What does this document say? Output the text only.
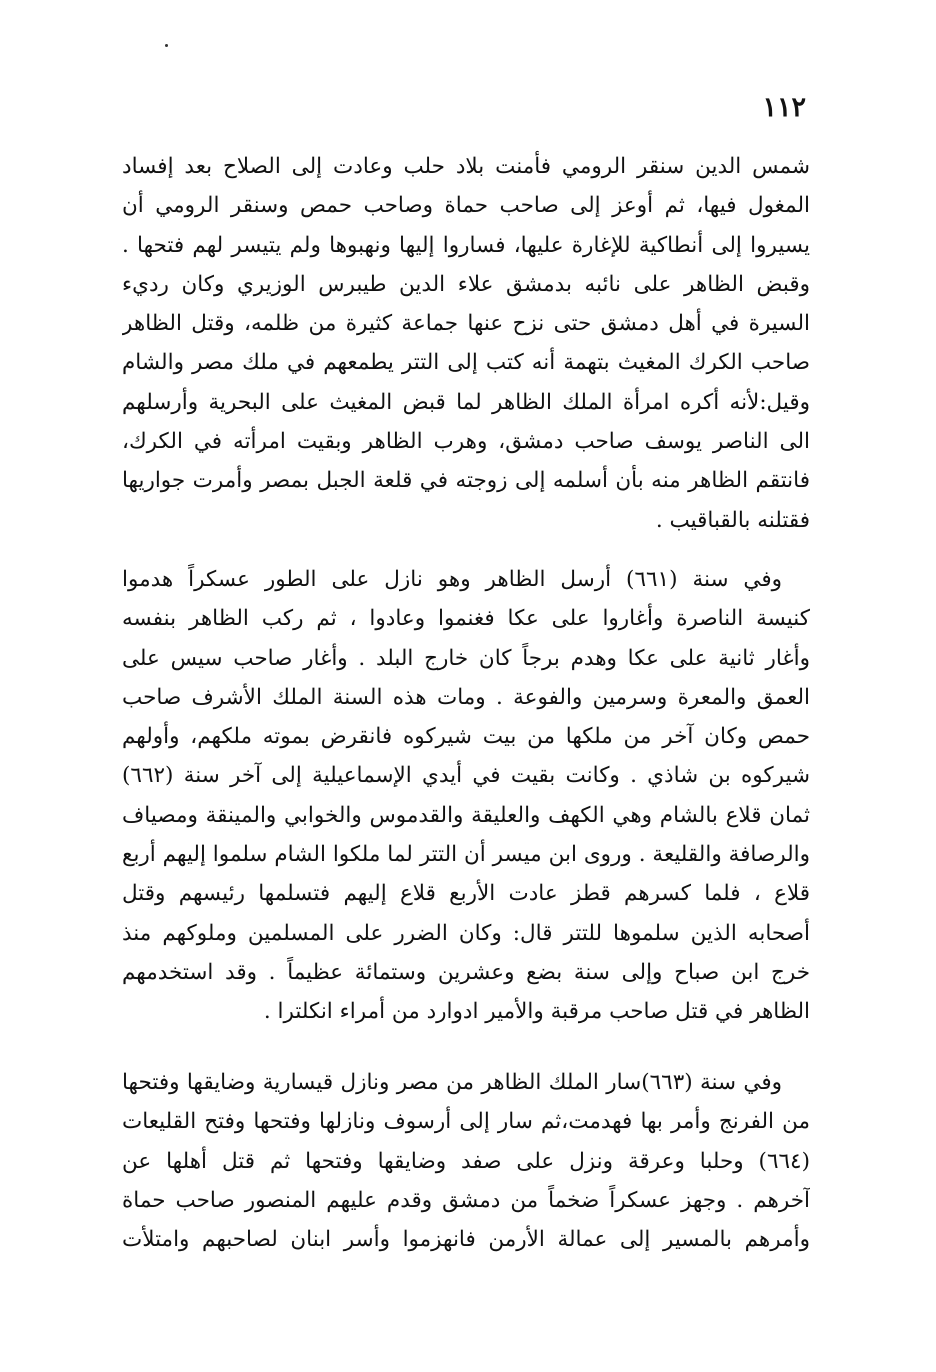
١١٢
شمس الدين سنقر الرومي فأمنت بلاد حلب وعادت إلى الصلاح بعد إفساد
المغول فيها، ثم أوعز إلى صاحب حماة وصاحب حمص وسنقر الرومي أن
يسيروا إلى أنطاكية للإغارة عليها، فساروا إليها ونهبوها ولم يتيسر لهم فتحها .
وقبض الظاهر على نائبه بدمشق علاء الدين طيبرس الوزيري وكان رديء
السيرة في أهل دمشق حتى نزح عنها جماعة كثيرة من ظلمه، وقتل الظاهر
صاحب الكرك المغيث بتهمة أنه كتب إلى التتر يطمعهم في ملك مصر والشام
وقيل:لأنه أكره امرأة الملك الظاهر لما قبض المغيث على البحرية وأرسلهم
الى الناصر يوسف صاحب دمشق، وهرب الظاهر وبقيت امرأته في الكرك،
فانتقم الظاهر منه بأن أسلمه إلى زوجته في قلعة الجبل بمصر وأمرت جواريها
فقتلنه بالقباقيب .
وفي سنة (٦٦١) أرسل الظاهر وهو نازل على الطور عسكراً هدموا
كنيسة الناصرة وأغاروا على عكا فغنموا وعادوا ، ثم ركب الظاهر بنفسه
وأغار ثانية على عكا وهدم برجاً كان خارج البلد . وأغار صاحب سيس على
العمق والمعرة وسرمين والفوعة . ومات هذه السنة الملك الأشرف صاحب
حمص وكان آخر من ملكها من بيت شيركوه فانقرض بموته ملكهم، وأولهم
شيركوه بن شاذي . وكانت بقيت في أيدي الإسماعيلية إلى آخر سنة (٦٦٢)
ثمان قلاع بالشام وهي الكهف والعليقة والقدموس والخوابي والمينقة ومصياف
والرصافة والقليعة . وروى ابن ميسر أن التتر لما ملكوا الشام سلموا إليهم أربع
قلاع ، فلما كسرهم قطز عادت الأربع قلاع إليهم فتسلمها رئيسهم وقتل
أصحابه الذين سلموها للتتر قال: وكان الضرر على المسلمين وملوكهم منذ
خرج ابن صباح وإلى سنة بضع وعشرين وستمائة عظيماً . وقد استخدمهم
الظاهر في قتل صاحب مرقبة والأمير ادوارد من أمراء انكلترا .
وفي سنة (٦٦٣)سار الملك الظاهر من مصر ونازل قيسارية وضايقها وفتحها
من الفرنج وأمر بها فهدمت،ثم سار إلى أرسوف ونازلها وفتحها وفتح القليعات
(٦٦٤) وحلبا وعرقة ونزل على صفد وضايقها وفتحها ثم قتل أهلها عن
آخرهم . وجهز عسكراً ضخماً من دمشق وقدم عليهم المنصور صاحب حماة
وأمرهم بالمسير إلى عمالة الأرمن فانهزموا وأسر ابنان لصاحبهم وامتلأت
